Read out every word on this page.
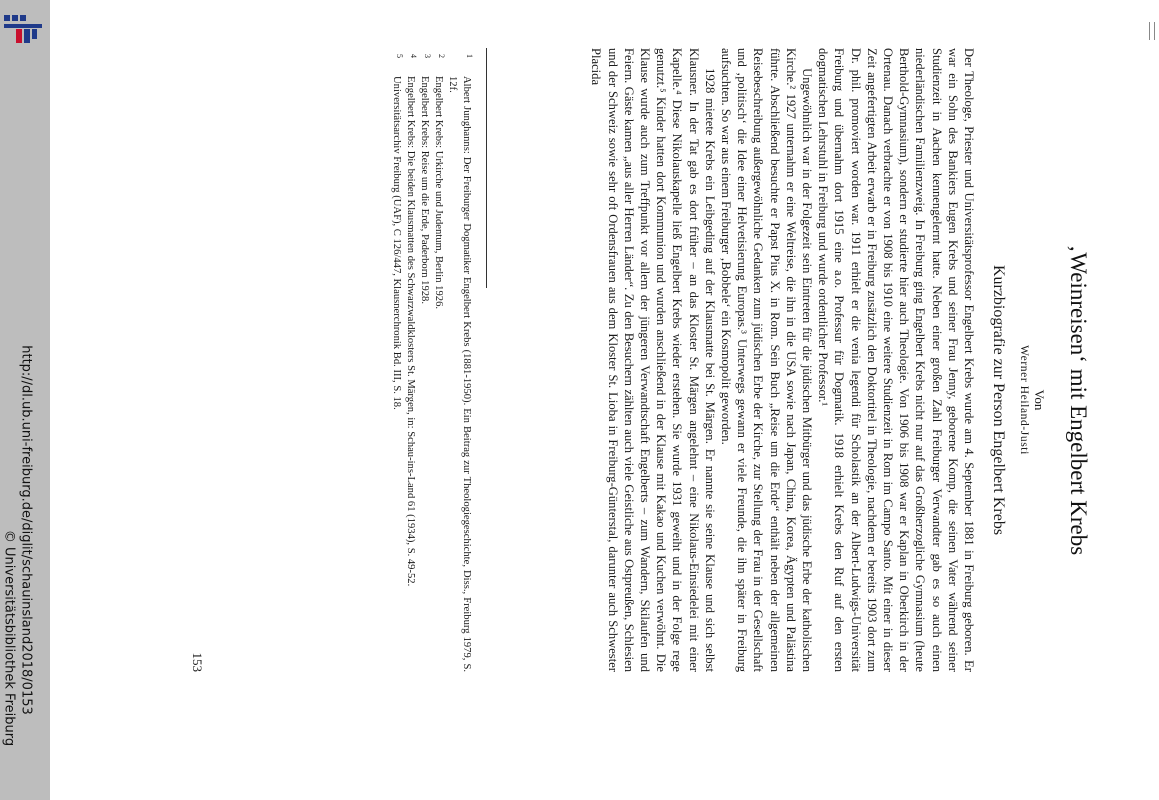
http://dl.ub.uni-freiburg.de/diglit/schauinsland2018/0153
© Universitätsbibliothek Freiburg
‚Weinreisen‘ mit Engelbert Krebs
Von
Werner Heiland-Justi
Kurzbiografie zur Person Engelbert Krebs

Der Theologe, Priester und Universitätsprofessor Engelbert Krebs wurde am 4. September 1881 in Freiburg geboren. Er war ein Sohn des Bankiers Eugen Krebs und seiner Frau Jenny, geborene Komp, die seinen Vater während seiner Studienzeit in Aachen kennengelernt hatte. Neben einer großen Zahl Freiburger Verwandter gab es so auch einen niederländischen Familienzweig. In Freiburg ging Engelbert Krebs nicht nur auf das Großherzogliche Gymnasium (heute Berthold-Gymnasium), sondern er studierte hier auch Theologie. Von 1906 bis 1908 war er Kaplan in Oberkirch in der Ortenau. Danach verbrachte er von 1908 bis 1910 eine weitere Studienzeit in Rom im Campo Santo. Mit einer in dieser Zeit angefertigten Arbeit erwarb er in Freiburg zusätzlich den Doktortitel in Theologie, nachdem er bereits 1903 dort zum Dr. phil. promoviert worden war. 1911 erhielt er die venia legendi für Scholastik an der Albert-Ludwigs-Universität Freiburg und übernahm dort 1915 eine a.o. Professur für Dogmatik. 1918 erhielt Krebs den Ruf auf den ersten dogmatischen Lehrstuhl in Freiburg und wurde ordentlicher Professor.¹

Ungewöhnlich war in der Folgezeit sein Eintreten für die jüdischen Mitbürger und das jüdische Erbe der katholischen Kirche.² 1927 unternahm er eine Weltreise, die ihn in die USA sowie nach Japan, China, Korea, Ägypten und Palästina führte. Abschließend besuchte er Papst Pius X. in Rom. Sein Buch „Reise um die Erde“ enthält neben der allgemeinen Reisebeschreibung außergewöhnliche Gedanken zum jüdischen Erbe der Kirche, zur Stellung der Frau in der Gesellschaft und ‚politisch‘ die Idee einer Helvetisierung Europas.³ Unterwegs gewann er viele Freunde, die ihn später in Freiburg aufsuchten. So war aus einem Freiburger ‚Bobbele‘ ein Kosmopolit geworden.

1928 mietete Krebs ein Leibgeding auf der Klausmatte bei St. Märgen. Er nannte sie seine Klause und sich selbst Klausner. In der Tat gab es dort früher – an das Kloster St. Märgen angelehnt – eine Nikolaus-Einsiedelei mit einer Kapelle.⁴ Diese Nikolauskapelle ließ Engelbert Krebs wieder erstehen. Sie wurde 1931 geweiht und in der Folge rege genutzt.⁵ Kinder hatten dort Kommunion und wurden anschließend in der Klause mit Kakao und Kuchen verwöhnt. Die Klause wurde auch zum Treffpunkt vor allem der jüngeren Verwandtschaft Engelberts – zum Wandern, Skilaufen und Feiern. Gäste kamen „aus aller Herren Länder“. Zu den Besuchern zählten auch viele Geistliche aus Ostpreußen, Schlesien und der Schweiz sowie sehr oft Ordensfrauen aus dem Kloster St. Lioba in Freiburg-Günterstal, darunter auch Schwester Placida

1
Albert Junghanns: Der Freiburger Dogmatiker Engelbert Krebs (1881-1950). Ein Beitrag zur Theologiegeschichte, Diss., Freiburg 1979, S. 12f.
2
Engelbert Krebs: Urkirche und Judentum, Berlin 1926.
3
Engelbert Krebs: Reise um die Erde, Paderborn 1928.
4
Engelbert Krebs: Die beiden Klausmatten des Schwarzwaldklosters St. Märgen, in: Schau-ins-Land 61 (1934), S. 49-52.
5
Universitätsarchiv Freiburg (UAF), C 126/447, Klausnerchronik Bd. III, S. 18.
153
